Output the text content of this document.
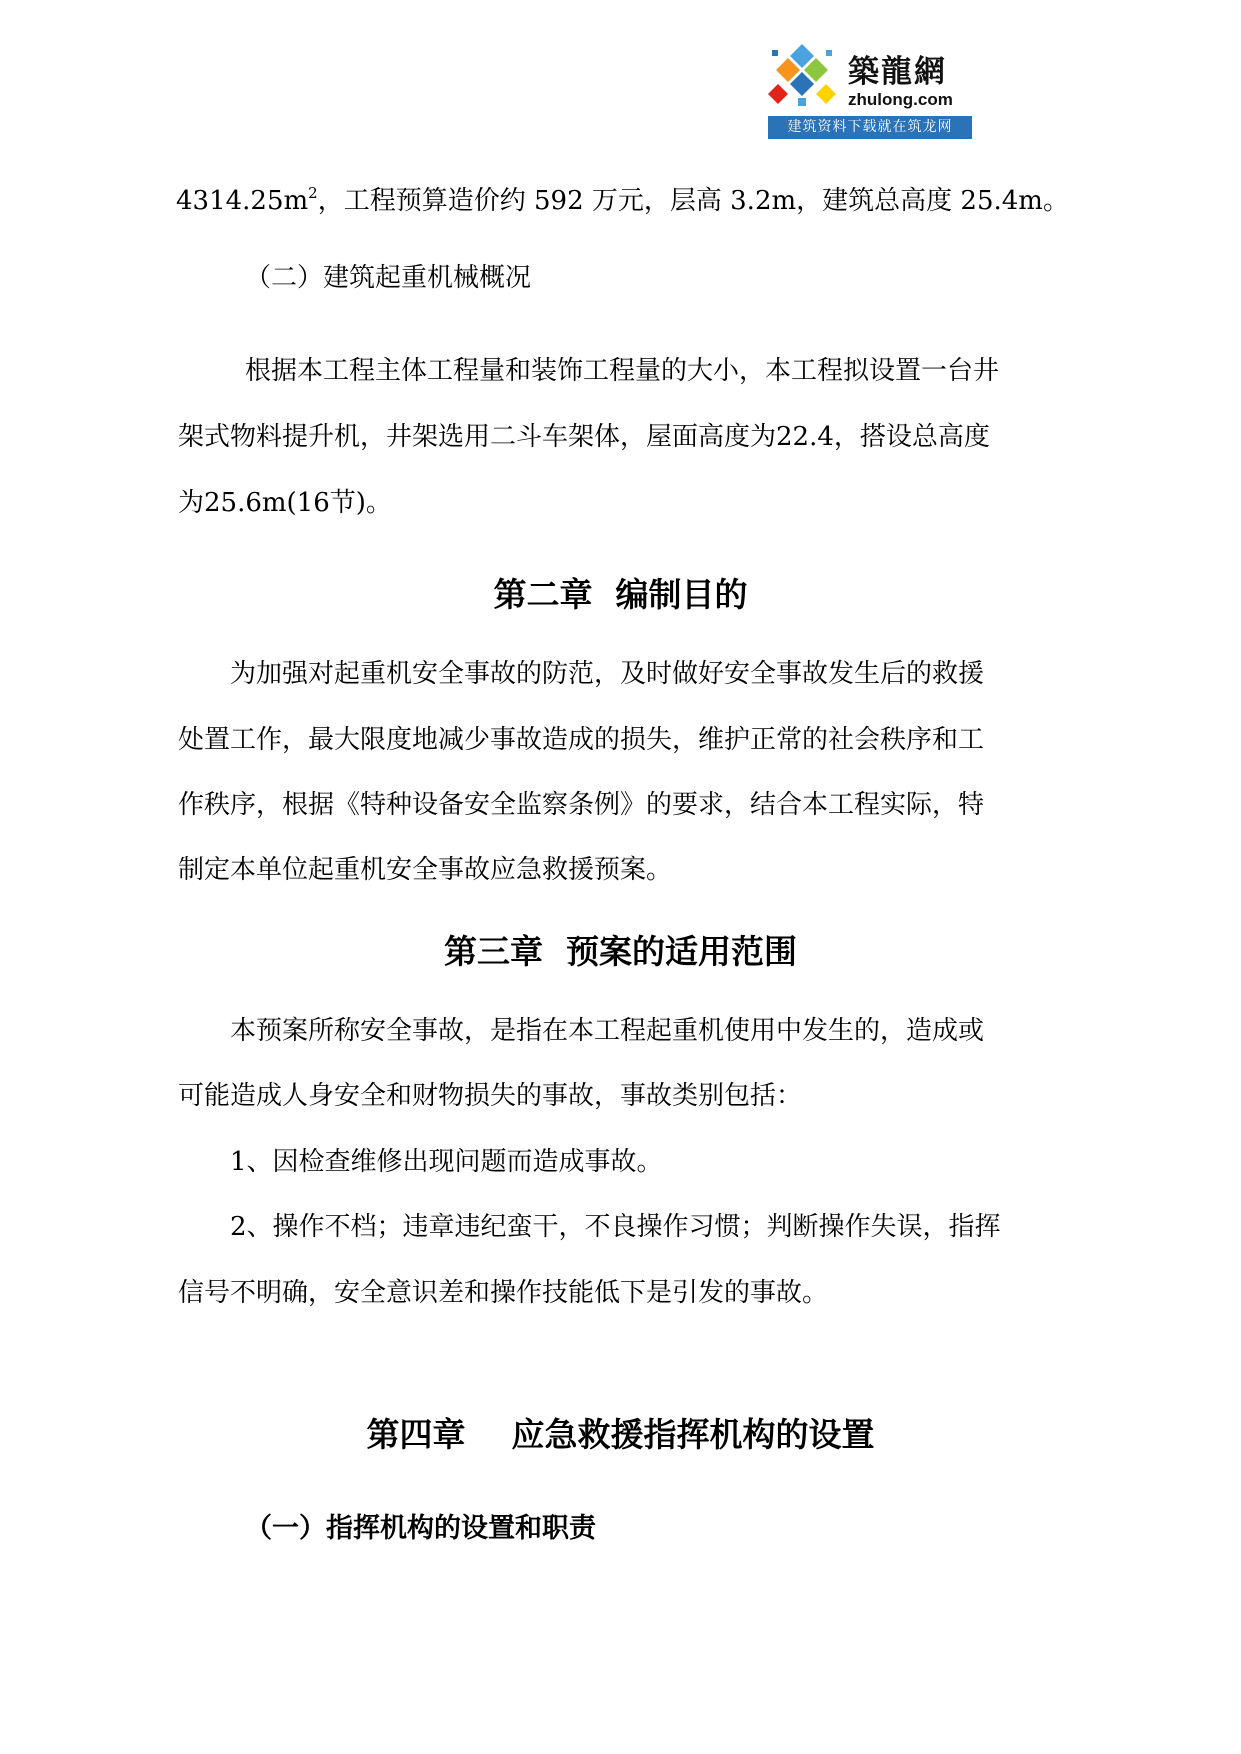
築龍網
zhulong.com
建筑资料下载就在筑龙网
$4314.25m^2$，工程预算造价约 592 万元，层高 3.2m，建筑总高度 25.4m。
（二）建筑起重机械概况
根据本工程主体工程量和装饰工程量的大小，本工程拟设置一台井
架式物料提升机，井架选用二斗车架体，屋面高度为22.4，搭设总高度
为25.6m(16节)。
第二章  编制目的
为加强对起重机安全事故的防范，及时做好安全事故发生后的救援
处置工作，最大限度地减少事故造成的损失，维护正常的社会秩序和工
作秩序，根据《特种设备安全监察条例》的要求，结合本工程实际，特
制定本单位起重机安全事故应急救援预案。
第三章  预案的适用范围
本预案所称安全事故，是指在本工程起重机使用中发生的，造成或
可能造成人身安全和财物损失的事故，事故类别包括：
1、因检查维修出现问题而造成事故。
2、操作不档；违章违纪蛮干，不良操作习惯；判断操作失误，指挥
信号不明确，安全意识差和操作技能低下是引发的事故。
第四章    应急救援指挥机构的设置
（一）指挥机构的设置和职责
